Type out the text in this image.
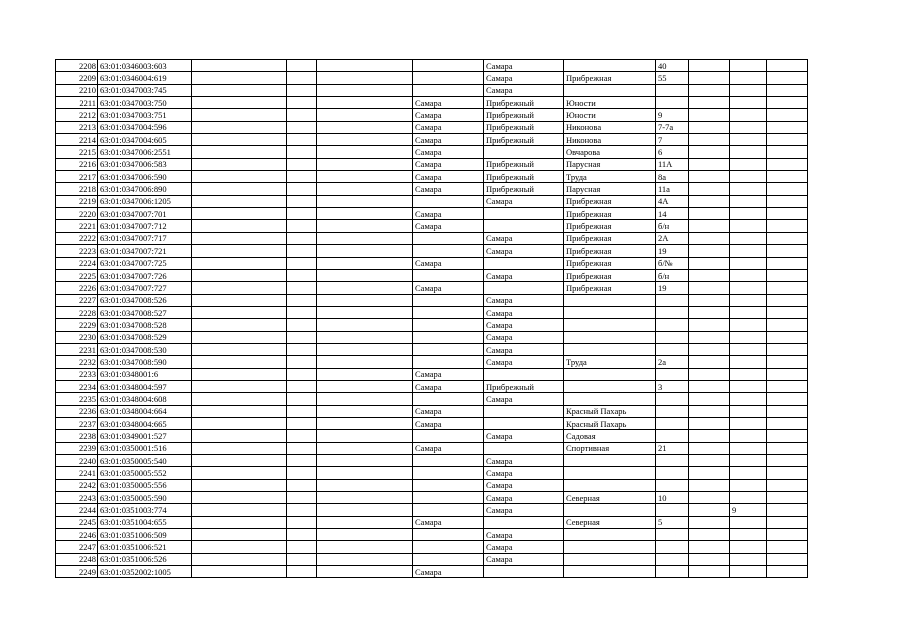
2208	63:01:0346003:603					Самара		40			
2209	63:01:0346004:619					Самара	Прибрежная	55			
2210	63:01:0347003:745					Самара					
2211	63:01:0347003:750				Самара	Прибрежный	Юности				
2212	63:01:0347003:751				Самара	Прибрежный	Юности	9			
2213	63:01:0347004:596				Самара	Прибрежный	Никонова	7-7а			
2214	63:01:0347004:605				Самара	Прибрежный	Никонова	7			
2215	63:01:0347006:2551				Самара		Овчарова	6			
2216	63:01:0347006:583				Самара	Прибрежный	Парусная	11А			
2217	63:01:0347006:590				Самара	Прибрежный	Труда	8а			
2218	63:01:0347006:890				Самара	Прибрежный	Парусная	11а			
2219	63:01:0347006:1205					Самара	Прибрежная	4А			
2220	63:01:0347007:701				Самара		Прибрежная	14			
2221	63:01:0347007:712				Самара		Прибрежная	б/н			
2222	63:01:0347007:717					Самара	Прибрежная	2А			
2223	63:01:0347007:721					Самара	Прибрежная	19			
2224	63:01:0347007:725				Самара		Прибрежная	б/№			
2225	63:01:0347007:726					Самара	Прибрежная	б/н			
2226	63:01:0347007:727				Самара		Прибрежная	19			
2227	63:01:0347008:526					Самара					
2228	63:01:0347008:527					Самара					
2229	63:01:0347008:528					Самара					
2230	63:01:0347008:529					Самара					
2231	63:01:0347008:530					Самара					
2232	63:01:0347008:590					Самара	Труда	2а			
2233	63:01:0348001:6				Самара						
2234	63:01:0348004:597				Самара	Прибрежный		3			
2235	63:01:0348004:608					Самара					
2236	63:01:0348004:664				Самара		Красный Пахарь				
2237	63:01:0348004:665				Самара		Красный Пахарь				
2238	63:01:0349001:527					Самара	Садовая				
2239	63:01:0350001:516				Самара		Спортивная	21			
2240	63:01:0350005:540					Самара					
2241	63:01:0350005:552					Самара					
2242	63:01:0350005:556					Самара					
2243	63:01:0350005:590					Самара	Северная	10			
2244	63:01:0351003:774					Самара				9	
2245	63:01:0351004:655				Самара		Северная	5			
2246	63:01:0351006:509					Самара					
2247	63:01:0351006:521					Самара					
2248	63:01:0351006:526					Самара					
2249	63:01:0352002:1005				Самара						
